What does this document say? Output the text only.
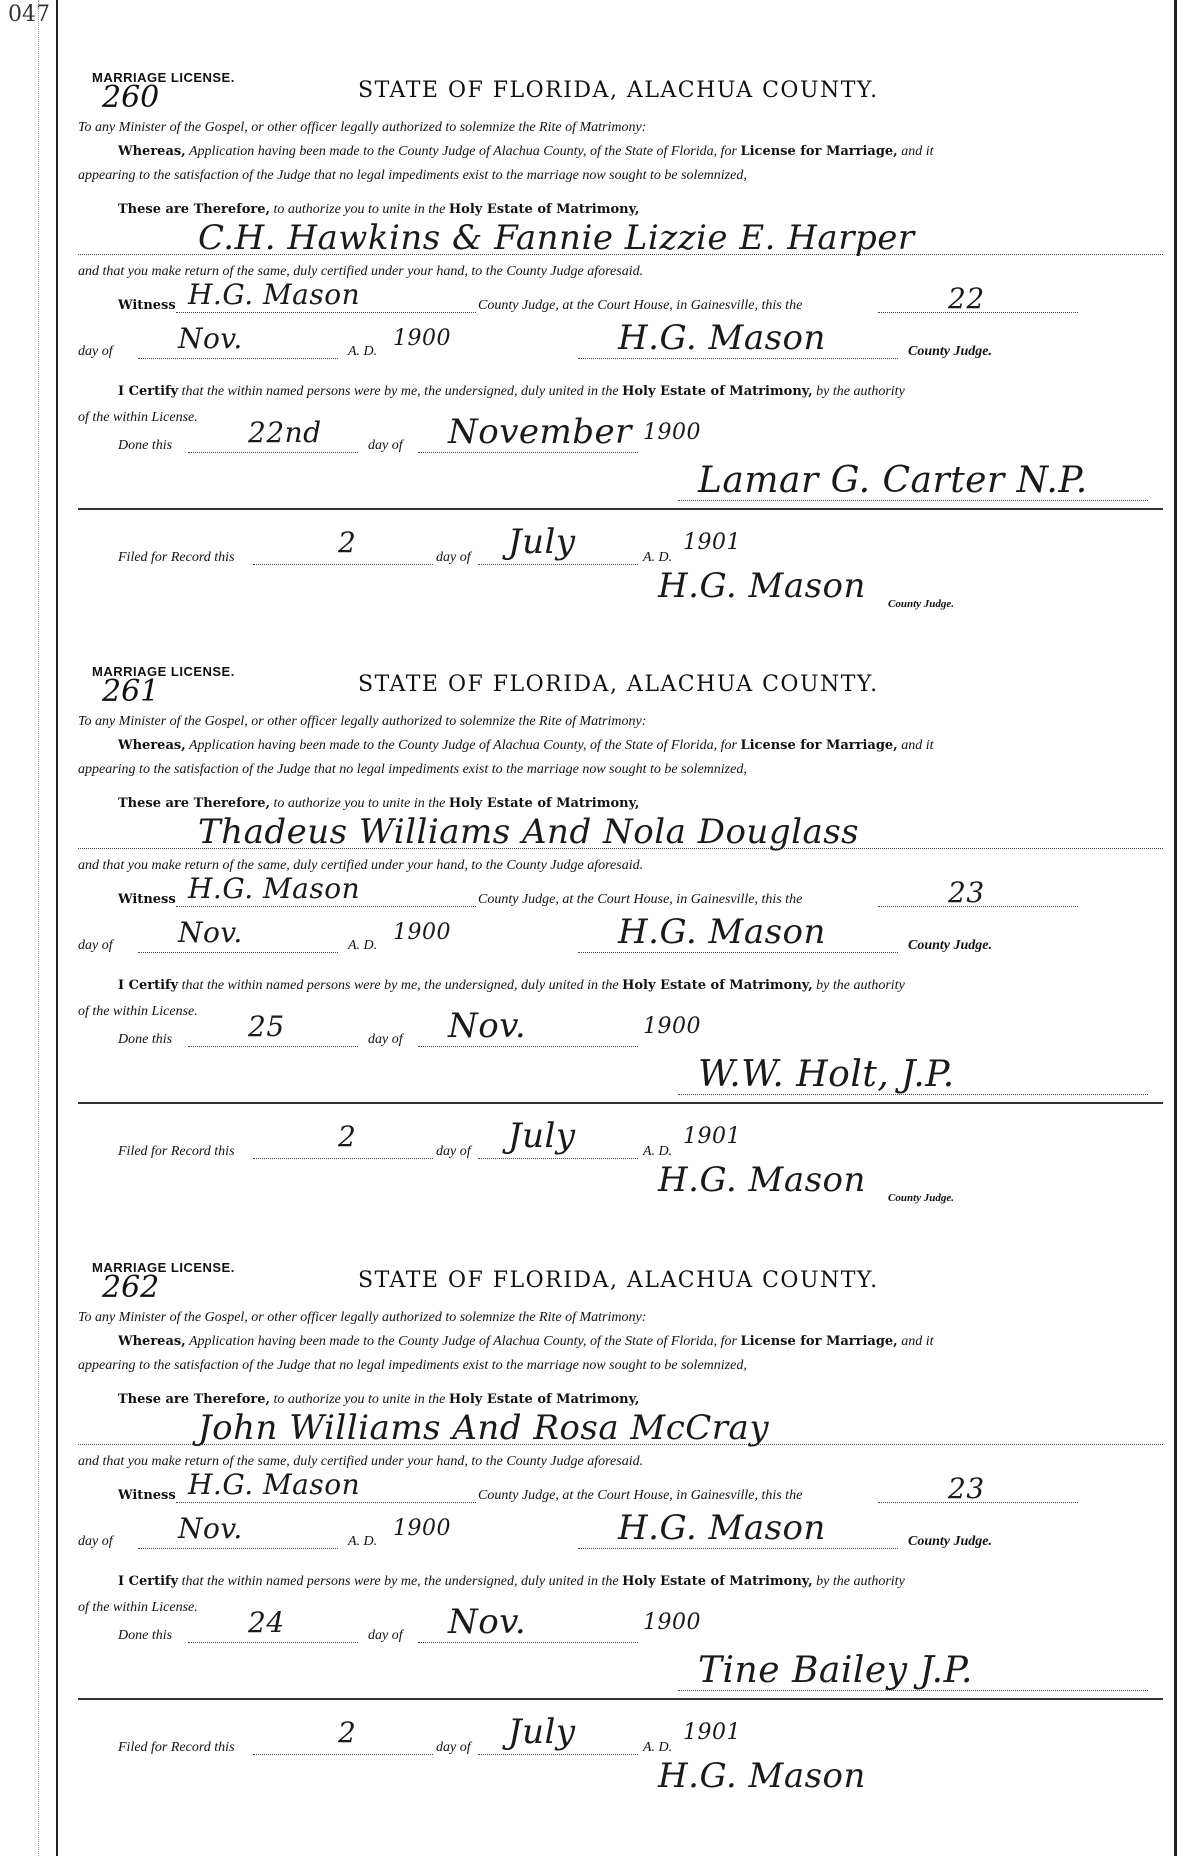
047
MARRIAGE LICENSE.
260	STATE OF FLORIDA, ALACHUA COUNTY.
To any Minister of the Gospel, or other officer legally authorized to solemnize the Rite of Matrimony:
Whereas, Application having been made to the County Judge of Alachua County, of the State of Florida, for License for Marriage, and it
appearing to the satisfaction of the Judge that no legal impediments exist to the marriage now sought to be solemnized,
These are Therefore, to authorize you to unite in the Holy Estate of Matrimony,
C.H. Hawkins & Fannie Lizzie E. Harper
and that you make return of the same, duly certified under your hand, to the County Judge aforesaid.
Witness H.G. Mason	County Judge, at the Court House, in Gainesville, this the	22
day of Nov.	A. D.
1900	H.G. Mason	County Judge.
I Certify that the within named persons were by me, the undersigned, duly united in the Holy Estate of Matrimony, by the authority
of the within License.
Done this	22nd	day of November 1900
Lamar G. Carter N.P.
Filed for Record this	2	day of July	A. D.
1901
H.G. Mason County Judge.
MARRIAGE LICENSE.
261	STATE OF FLORIDA, ALACHUA COUNTY.
To any Minister of the Gospel, or other officer legally authorized to solemnize the Rite of Matrimony:
Whereas, Application having been made to the County Judge of Alachua County, of the State of Florida, for License for Marriage, and it
appearing to the satisfaction of the Judge that no legal impediments exist to the marriage now sought to be solemnized,
These are Therefore, to authorize you to unite in the Holy Estate of Matrimony,
Thadeus Williams And Nola Douglass
and that you make return of the same, duly certified under your hand, to the County Judge aforesaid.
Witness H.G. Mason	County Judge, at the Court House, in Gainesville, this the	23
day of Nov.	A. D.
1900	H.G. Mason	County Judge.
I Certify that the within named persons were by me, the undersigned, duly united in the Holy Estate of Matrimony, by the authority
of the within License.
Done this	25	day of Nov.	1900
W.W. Holt, J.P.
Filed for Record this	2	day of July	A. D.
1901
H.G. Mason County Judge.
MARRIAGE LICENSE.
262	STATE OF FLORIDA, ALACHUA COUNTY.
To any Minister of the Gospel, or other officer legally authorized to solemnize the Rite of Matrimony:
Whereas, Application having been made to the County Judge of Alachua County, of the State of Florida, for License for Marriage, and it
appearing to the satisfaction of the Judge that no legal impediments exist to the marriage now sought to be solemnized,
These are Therefore, to authorize you to unite in the Holy Estate of Matrimony,
John Williams And Rosa McCray
and that you make return of the same, duly certified under your hand, to the County Judge aforesaid.
Witness H.G. Mason	County Judge, at the Court House, in Gainesville, this the	23
day of Nov.	A. D.
1900	H.G. Mason	County Judge.
I Certify that the within named persons were by me, the undersigned, duly united in the Holy Estate of Matrimony, by the authority
of the within License.
Done this	24	day of Nov.	1900
Tine Bailey J.P.
Filed for Record this	2	day of July	A. D.
1901
H.G. Mason
